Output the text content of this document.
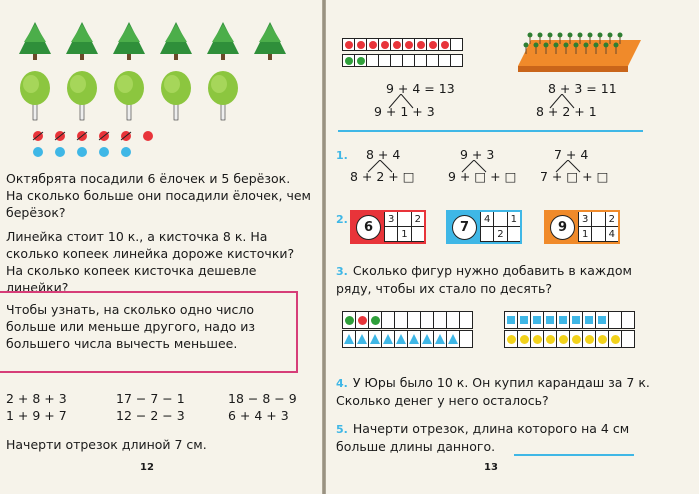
Октябрята посадили 6 ёлочек и 5 берёзок. На сколько больше они посадили ёлочек, чем берёзок?

Линейка стоит 10 к., а кисточка 8 к. На сколько копеек линейка дороже кисточки? На сколько копеек кисточка дешевле линейки?

Чтобы узнать, на сколько одно число больше или меньше другого, надо из большего числа вычесть меньшее.

2 + 8 + 3	17 − 7 − 1	18 − 8 − 9
1 + 9 + 7	12 − 2 − 3	6 + 4 + 3

Начерти отрезок длиной 7 см.

12
9 + 4 = 13
9 + 1 + 3
8 + 3 = 11
8 + 2 + 1
1.	8 + 4
8 + 2 + □
9 + 3
9 + □ + □
7 + 4
7 + □ + □
2.
6
3	2
1	7
4	1
2	9
3	2
1	4

3. Сколько фигур нужно добавить в каждом ряду, чтобы их стало по десять?

4. У Юры было 10 к. Он купил карандаш за 7 к. Сколько денег у него осталось?

5. Начерти отрезок, длина которого на 4 см больше длины данного.

13
